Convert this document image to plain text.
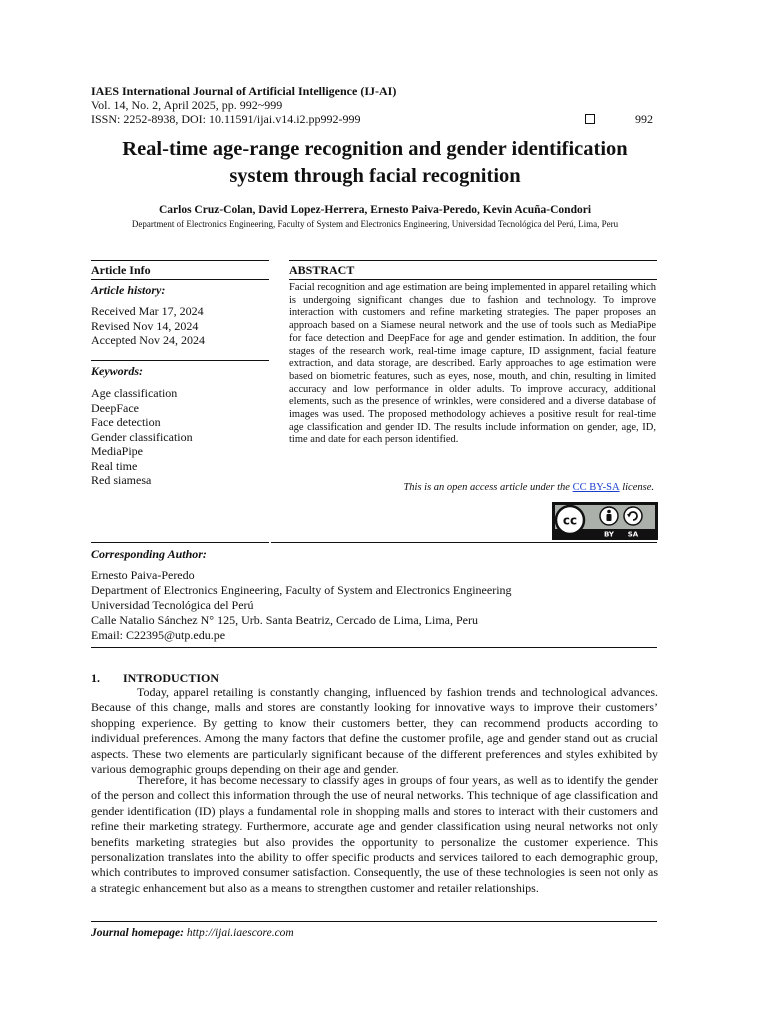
IAES International Journal of Artificial Intelligence (IJ-AI)
Vol. 14, No. 2, April 2025, pp. 992~999
ISSN: 2252-8938, DOI: 10.11591/ijai.v14.i2.pp992-999	992
Real-time age-range recognition and gender identification
system through facial recognition
Carlos Cruz-Colan, David Lopez-Herrera, Ernesto Paiva-Peredo, Kevin Acuña-Condori
Department of Electronics Engineering, Faculty of System and Electronics Engineering, Universidad Tecnológica del Perú, Lima, Peru
Article Info
Article history:
Received Mar 17, 2024
Revised Nov 14, 2024
Accepted Nov 24, 2024
Keywords:
Age classification
DeepFace
Face detection
Gender classification
MediaPipe
Real time
Red siamesa
ABSTRACT

Facial recognition and age estimation are being implemented in apparel retailing which is undergoing significant changes due to fashion and technology. To improve interaction with customers and refine marketing strategies. The paper proposes an approach based on a Siamese neural network and the use of tools such as MediaPipe for face detection and DeepFace for age and gender estimation. In addition, the four stages of the research work, real-time image capture, ID assignment, facial feature extraction, and data storage, are described. Early approaches to age estimation were based on biometric features, such as eyes, nose, mouth, and chin, resulting in limited accuracy and low performance in older adults. To improve accuracy, additional elements, such as the presence of wrinkles, were considered and a diverse database of images was used. The proposed methodology achieves a positive result for real-time age classification and gender ID. The results include information on gender, age, ID, time and date for each person identified.

This is an open access article under the CC BY-SA license.
cc
BY SA
Corresponding Author:
Ernesto Paiva-Peredo
Department of Electronics Engineering, Faculty of System and Electronics Engineering
Universidad Tecnológica del Perú
Calle Natalio Sánchez N° 125, Urb. Santa Beatriz, Cercado de Lima, Lima, Peru
Email: C22395@utp.edu.pe
1. INTRODUCTION

Today, apparel retailing is constantly changing, influenced by fashion trends and technological advances. Because of this change, malls and stores are constantly looking for innovative ways to improve their customers’ shopping experience. By getting to know their customers better, they can recommend products according to individual preferences. Among the many factors that define the customer profile, age and gender stand out as crucial aspects. These two elements are particularly significant because of the different preferences and styles exhibited by various demographic groups depending on their age and gender.

Therefore, it has become necessary to classify ages in groups of four years, as well as to identify the gender of the person and collect this information through the use of neural networks. This technique of age classification and gender identification (ID) plays a fundamental role in shopping malls and stores to interact with their customers and refine their marketing strategy. Furthermore, accurate age and gender classification using neural networks not only benefits marketing strategies but also provides the opportunity to personalize the customer experience. This personalization translates into the ability to offer specific products and services tailored to each demographic group, which contributes to improved consumer satisfaction. Consequently, the use of these technologies is seen not only as a strategic enhancement but also as a means to strengthen customer and retailer relationships.

Journal homepage: http://ijai.iaescore.com
